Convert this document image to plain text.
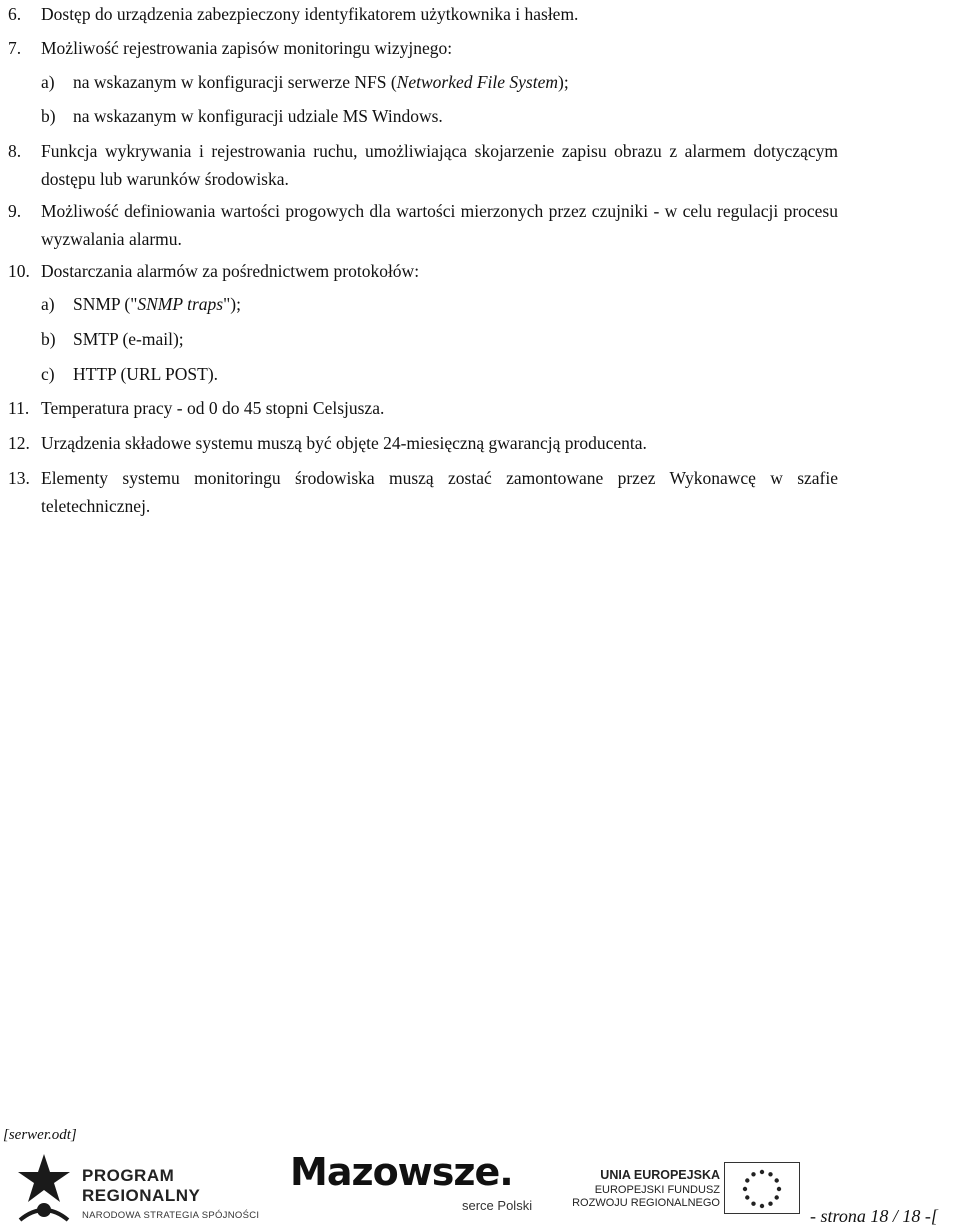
6. Dostęp do urządzenia zabezpieczony identyfikatorem użytkownika i hasłem.
7. Możliwość rejestrowania zapisów monitoringu wizyjnego:
a) na wskazanym w konfiguracji serwerze NFS (Networked File System);
b) na wskazanym w konfiguracji udziale MS Windows.
8. Funkcja wykrywania i rejestrowania ruchu, umożliwiająca skojarzenie zapisu obrazu z alarmem dotyczącym dostępu lub warunków środowiska.
9. Możliwość definiowania wartości progowych dla wartości mierzonych przez czujniki - w celu regulacji procesu wyzwalania alarmu.
10. Dostarczania alarmów za pośrednictwem protokołów:
a) SNMP ("SNMP traps");
b) SMTP (e-mail);
c) HTTP (URL POST).
11. Temperatura pracy - od 0 do 45 stopni Celsjusza.
12. Urządzenia składowe systemu muszą być objęte 24-miesięczną gwarancją producenta.
13. Elementy systemu monitoringu środowiska muszą zostać zamontowane przez Wykonawcę w szafie teletechnicznej.
[serwer.odt]
PROGRAM
REGIONALNY
NARODOWA STRATEGIA SPÓJNOŚCI
Mazowsze.
serce Polski
UNIA EUROPEJSKA
EUROPEJSKI FUNDUSZ
ROZWOJU REGIONALNEGO
- strona 18 / 18 -[
